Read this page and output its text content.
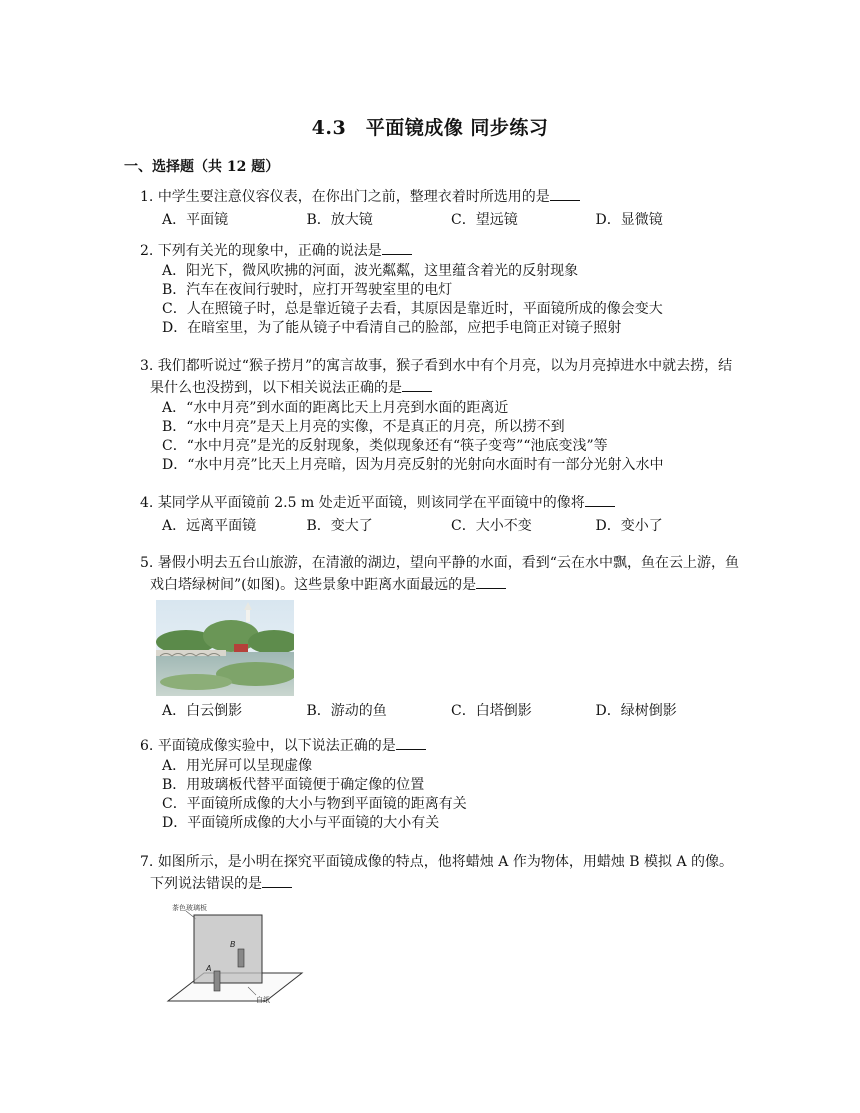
4.3　平面镜成像 同步练习
一、选择题（共 12 题）
1. 中学生要注意仪容仪表，在你出门之前，整理衣着时所选用的是
A．平面镜	B．放大镜	C．望远镜	D．显微镜
2. 下列有关光的现象中，正确的说法是
A．阳光下，微风吹拂的河面，波光粼粼，这里蕴含着光的反射现象
B．汽车在夜间行驶时，应打开驾驶室里的电灯
C．人在照镜子时，总是靠近镜子去看，其原因是靠近时，平面镜所成的像会变大
D．在暗室里，为了能从镜子中看清自己的脸部，应把手电筒正对镜子照射
3. 我们都听说过“猴子捞月”的寓言故事，猴子看到水中有个月亮，以为月亮掉进水中就去捞，结果什么也没捞到，以下相关说法正确的是
A．“水中月亮”到水面的距离比天上月亮到水面的距离近
B．“水中月亮”是天上月亮的实像，不是真正的月亮，所以捞不到
C．“水中月亮”是光的反射现象，类似现象还有“筷子变弯”“池底变浅”等
D．“水中月亮”比天上月亮暗，因为月亮反射的光射向水面时有一部分光射入水中
4. 某同学从平面镜前 2.5 m 处走近平面镜，则该同学在平面镜中的像将
A．远离平面镜	B．变大了	C．大小不变	D．变小了
5. 暑假小明去五台山旅游，在清澈的湖边，望向平静的水面，看到“云在水中飘，鱼在云上游，鱼戏白塔绿树间”(如图)。这些景象中距离水面最远的是
A．白云倒影	B．游动的鱼	C．白塔倒影	D．绿树倒影
6. 平面镜成像实验中，以下说法正确的是
A．用光屏可以呈现虚像
B．用玻璃板代替平面镜便于确定像的位置
C．平面镜所成像的大小与物到平面镜的距离有关
D．平面镜所成像的大小与平面镜的大小有关
7. 如图所示，是小明在探究平面镜成像的特点，他将蜡烛 A 作为物体，用蜡烛 B 模拟 A 的像。下列说法错误的是
茶色玻璃板
B
A
白纸
